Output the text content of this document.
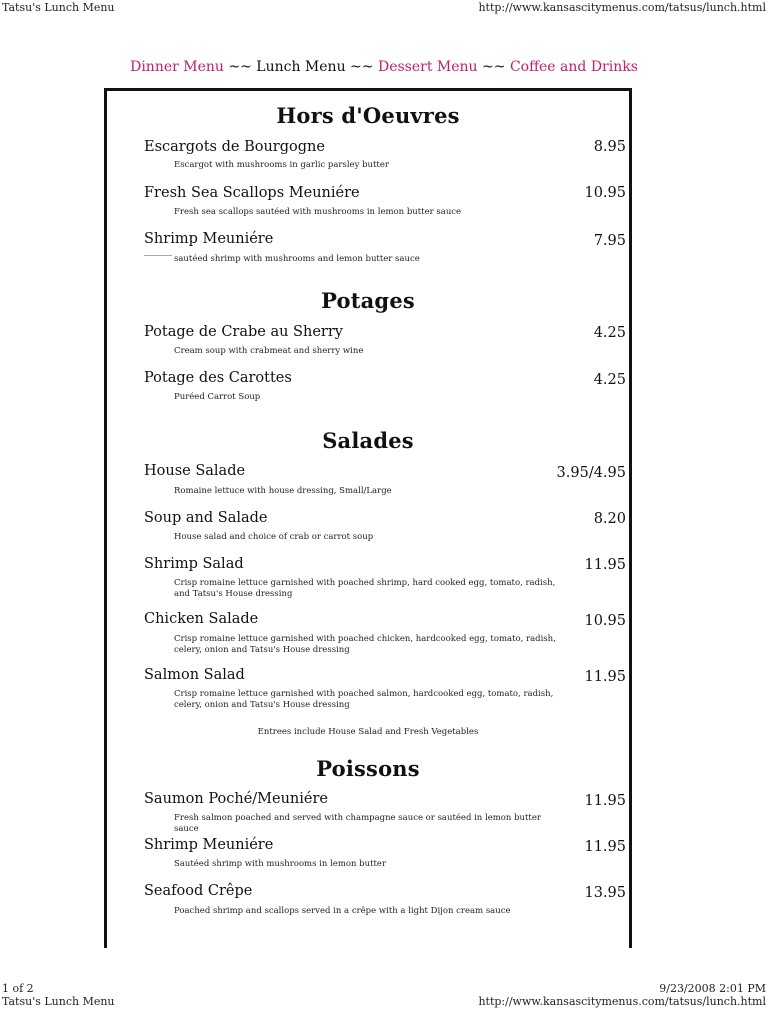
Tatsu's Lunch Menu	http://www.kansascitymenus.com/tatsus/lunch.html
Dinner Menu ~~ Lunch Menu ~~ Dessert Menu ~~ Coffee and Drinks
Hors d'Oeuvres
Escargots de Bourgogne	8.95
Escargot with mushrooms in garlic parsley butter
Fresh Sea Scallops Meuniére	10.95
Fresh sea scallops sautéed with mushrooms in lemon butter sauce
Shrimp Meuniére	7.95
sautéed shrimp with mushrooms and lemon butter sauce
Potages
Potage de Crabe au Sherry	4.25
Cream soup with crabmeat and sherry wine
Potage des Carottes	4.25
Puréed Carrot Soup
Salades
House Salade	3.95/4.95
Romaine lettuce with house dressing, Small/Large
Soup and Salade	8.20
House salad and choice of crab or carrot soup
Shrimp Salad	11.95
Crisp romaine lettuce garnished with poached shrimp, hard cooked egg, tomato, radish, and Tatsu's House dressing
Chicken Salade	10.95
Crisp romaine lettuce garnished with poached chicken, hardcooked egg, tomato, radish, celery, onion and Tatsu's House dressing
Salmon Salad	11.95
Crisp romaine lettuce garnished with poached salmon, hardcooked egg, tomato, radish, celery, onion and Tatsu's House dressing
Entrees include House Salad and Fresh Vegetables
Poissons
Saumon Poché/Meuniére	11.95
Fresh salmon poached and served with champagne sauce or sautéed in lemon butter sauce
Shrimp Meuniére	11.95
Sautéed shrimp with mushrooms in lemon butter
Seafood Crêpe	13.95
Poached shrimp and scallops served in a crêpe with a light Dijon cream sauce
1 of 2
Tatsu's Lunch Menu
9/23/2008 2:01 PM
http://www.kansascitymenus.com/tatsus/lunch.html
